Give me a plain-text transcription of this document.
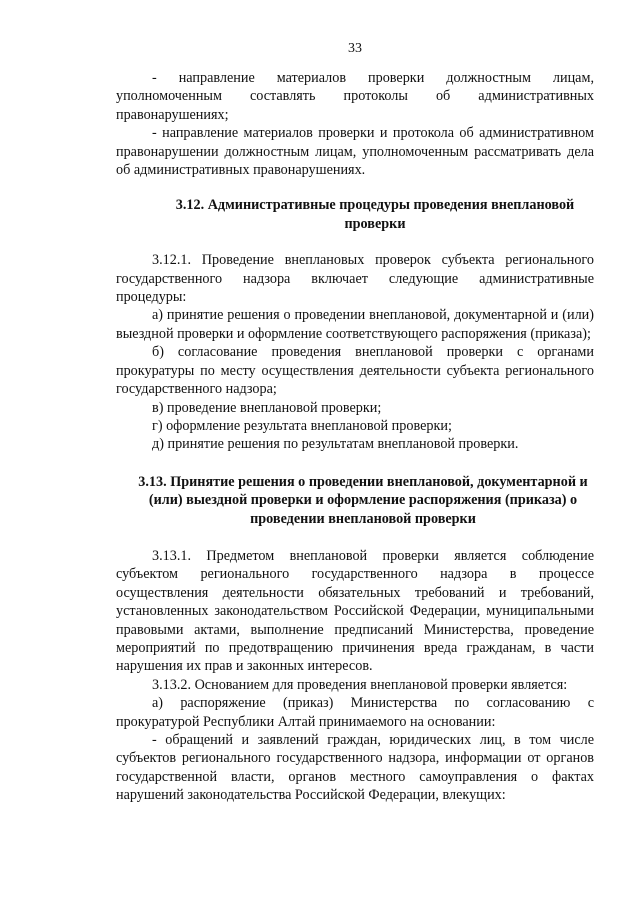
33

- направление материалов проверки должностным лицам, уполномоченным составлять протоколы об административных правонарушениях;

- направление материалов проверки и протокола об административном правонарушении должностным лицам, уполномоченным рассматривать дела об административных правонарушениях.

3.12. Административные процедуры проведения внеплановой проверки

3.12.1. Проведение внеплановых проверок субъекта регионального государственного надзора включает следующие административные процедуры:

а) принятие решения о проведении внеплановой, документарной и (или) выездной проверки и оформление соответствующего распоряжения (приказа);

б) согласование проведения внеплановой проверки с органами прокуратуры по месту осуществления деятельности субъекта регионального государственного надзора;

в) проведение внеплановой проверки;

г) оформление результата внеплановой проверки;

д) принятие решения по результатам внеплановой проверки.

3.13. Принятие решения о проведении внеплановой, документарной и (или) выездной проверки и оформление распоряжения (приказа) о проведении внеплановой проверки

3.13.1. Предметом внеплановой проверки является соблюдение субъектом регионального государственного надзора в процессе осуществления деятельности обязательных требований и требований, установленных законодательством Российской Федерации, муниципальными правовыми актами, выполнение предписаний Министерства, проведение мероприятий по предотвращению причинения вреда гражданам, в части нарушения их прав и законных интересов.

3.13.2. Основанием для проведения внеплановой проверки является:

а) распоряжение (приказ) Министерства по согласованию с прокуратурой Республики Алтай принимаемого на основании:

- обращений и заявлений граждан, юридических лиц, в том числе субъектов регионального государственного надзора, информации от органов государственной власти, органов местного самоуправления о фактах нарушений законодательства Российской Федерации, влекущих:
